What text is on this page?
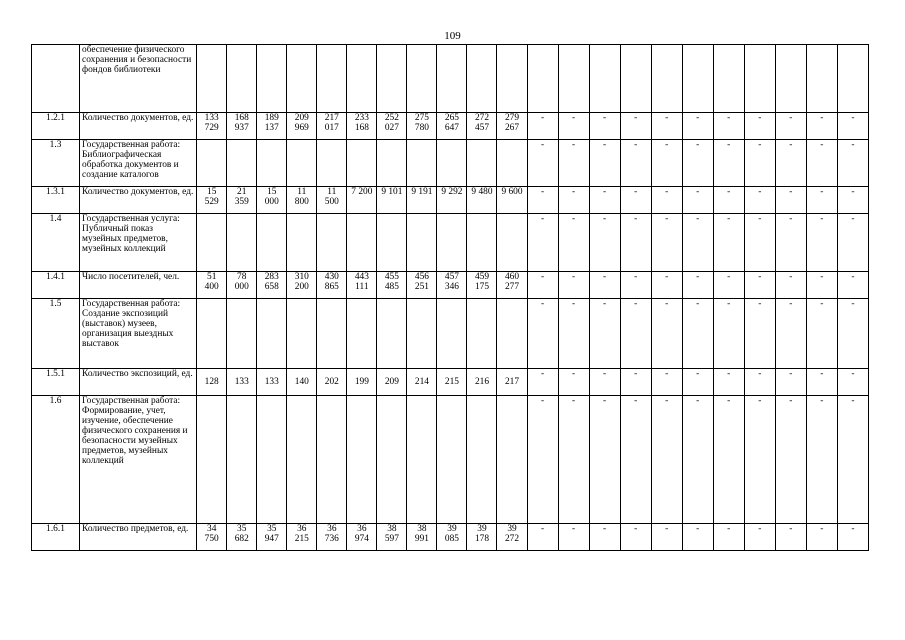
109
	обеспечение физического сохранения и безопасности фондов библиотеки																						
1.2.1	Количество документов, ед.	133 729	168 937	189 137	209 969	217 017	233 168	252 027	275 780	265 647	272 457	279 267	-	-	-	-	-	-	-	-	-	-	-
1.3	Государственная работа: Библиографическая обработка документов и создание каталогов												-	-	-	-	-	-	-	-	-	-	-
1.3.1	Количество документов, ед.	15 529	21 359	15 000	11 800	11 500	7 200	9 101	9 191	9 292	9 480	9 600	-	-	-	-	-	-	-	-	-	-	-
1.4	Государственная услуга: Публичный показ музейных предметов, музейных коллекций												-	-	-	-	-	-	-	-	-	-	-
1.4.1	Число посетителей, чел.	51 400	78 000	283 658	310 200	430 865	443 111	455 485	456 251	457 346	459 175	460 277	-	-	-	-	-	-	-	-	-	-	-
1.5	Государственная работа: Создание экспозиций (выставок) музеев, организация выездных выставок												-	-	-	-	-	-	-	-	-	-	-
1.5.1	Количество экспозиций, ед.	128	133	133	140	202	199	209	214	215	216	217	-	-	-	-	-	-	-	-	-	-	-
1.6	Государственная работа: Формирование, учет, изучение, обеспечение физического сохранения и безопасности музейных предметов, музейных коллекций												-	-	-	-	-	-	-	-	-	-	-
1.6.1	Количество предметов, ед.	34 750	35 682	35 947	36 215	36 736	36 974	38 597	38 991	39 085	39 178	39 272	-	-	-	-	-	-	-	-	-	-	-
